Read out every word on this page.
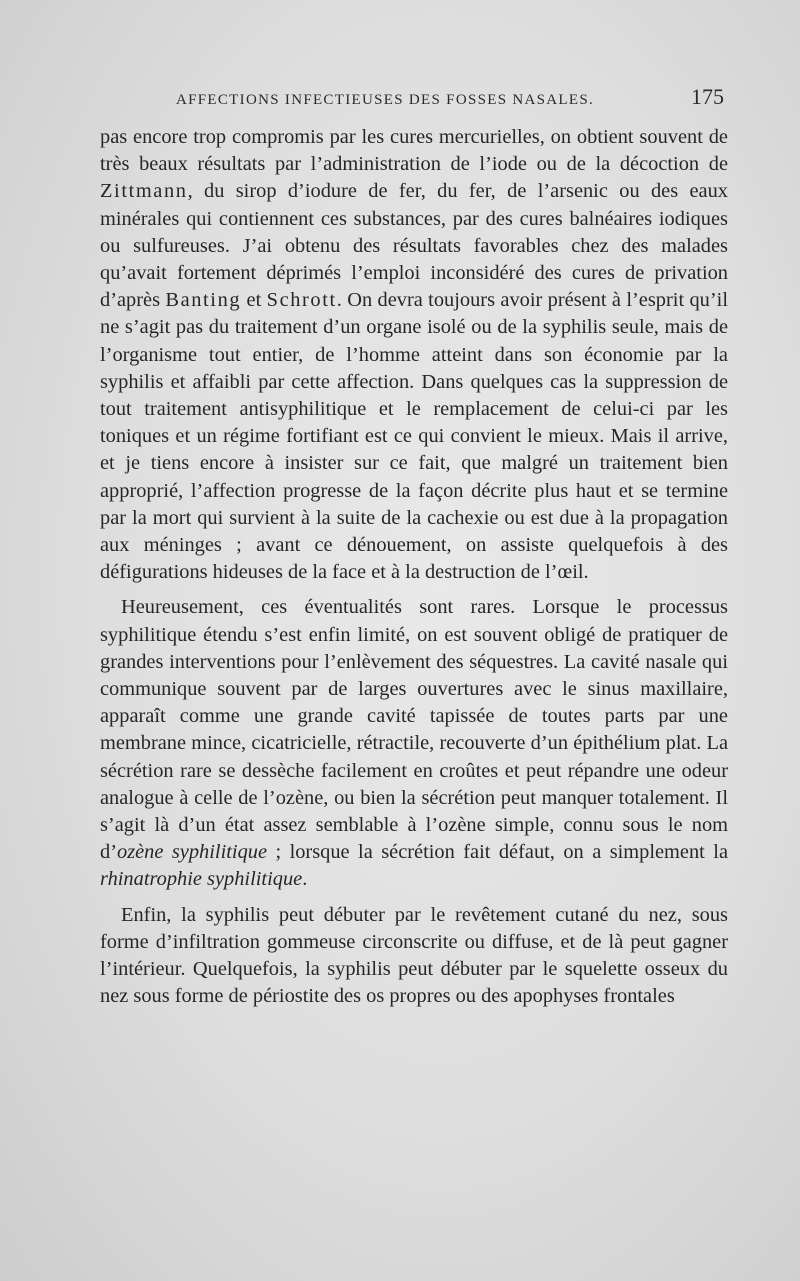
AFFECTIONS INFECTIEUSES DES FOSSES NASALES.	175

pas encore trop compromis par les cures mercurielles, on obtient souvent de très beaux résultats par l’administration de l’iode ou de la décoction de Zittmann, du sirop d’iodure de fer, du fer, de l’arsenic ou des eaux minérales qui contiennent ces substances, par des cures balnéaires iodiques ou sulfureuses. J’ai obtenu des résultats favorables chez des malades qu’avait fortement déprimés l’emploi inconsidéré des cures de privation d’après Banting et Schrott. On devra toujours avoir présent à l’esprit qu’il ne s’agit pas du traitement d’un organe isolé ou de la syphilis seule, mais de l’organisme tout entier, de l’homme atteint dans son économie par la syphilis et affaibli par cette affection. Dans quelques cas la suppression de tout traitement antisyphilitique et le remplacement de celui-ci par les toniques et un régime fortifiant est ce qui convient le mieux. Mais il arrive, et je tiens encore à insister sur ce fait, que malgré un traitement bien approprié, l’affection progresse de la façon décrite plus haut et se termine par la mort qui survient à la suite de la cachexie ou est due à la propagation aux méninges ; avant ce dénouement, on assiste quelquefois à des défigurations hideuses de la face et à la destruction de l’œil.

Heureusement, ces éventualités sont rares. Lorsque le processus syphilitique étendu s’est enfin limité, on est souvent obligé de pratiquer de grandes interventions pour l’enlèvement des séquestres. La cavité nasale qui communique souvent par de larges ouvertures avec le sinus maxillaire, apparaît comme une grande cavité tapissée de toutes parts par une membrane mince, cicatricielle, rétractile, recouverte d’un épithélium plat. La sécrétion rare se dessèche facilement en croûtes et peut répandre une odeur analogue à celle de l’ozène, ou bien la sécrétion peut manquer totalement. Il s’agit là d’un état assez semblable à l’ozène simple, connu sous le nom d’ozène syphilitique ; lorsque la sécrétion fait défaut, on a simplement la rhinatrophie syphilitique.

Enfin, la syphilis peut débuter par le revêtement cutané du nez, sous forme d’infiltration gommeuse circonscrite ou diffuse, et de là peut gagner l’intérieur. Quelquefois, la syphilis peut débuter par le squelette osseux du nez sous forme de périostite des os propres ou des apophyses frontales
